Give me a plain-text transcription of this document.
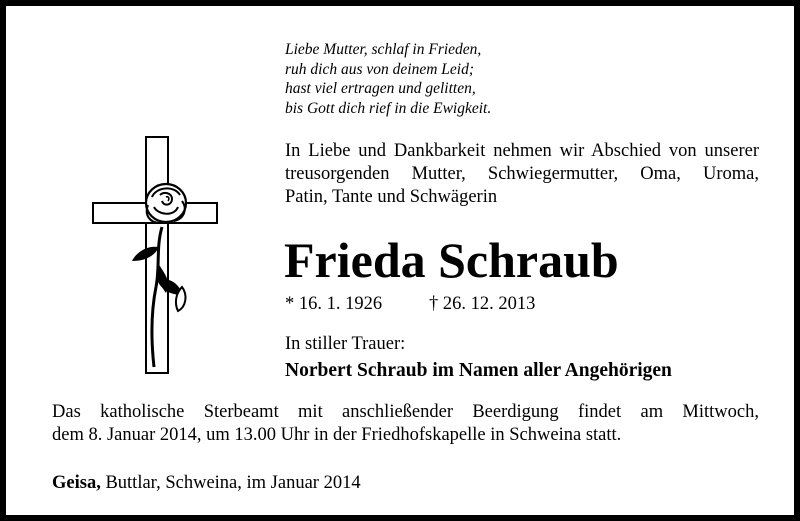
Liebe Mutter, schlaf in Frieden,
ruh dich aus von deinem Leid;
hast viel ertragen und gelitten,
bis Gott dich rief in die Ewigkeit.
In Liebe und Dankbarkeit nehmen wir Abschied von unserer
treusorgenden Mutter, Schwiegermutter, Oma, Uroma,
Patin, Tante und Schwägerin
Frieda Schraub
* 16. 1. 1926	† 26. 12. 2013
In stiller Trauer:
Norbert Schraub im Namen aller Angehörigen
Das katholische Sterbeamt mit anschließender Beerdigung findet am Mittwoch,
dem 8. Januar 2014, um 13.00 Uhr in der Friedhofskapelle in Schweina statt.
Geisa, Buttlar, Schweina, im Januar 2014
